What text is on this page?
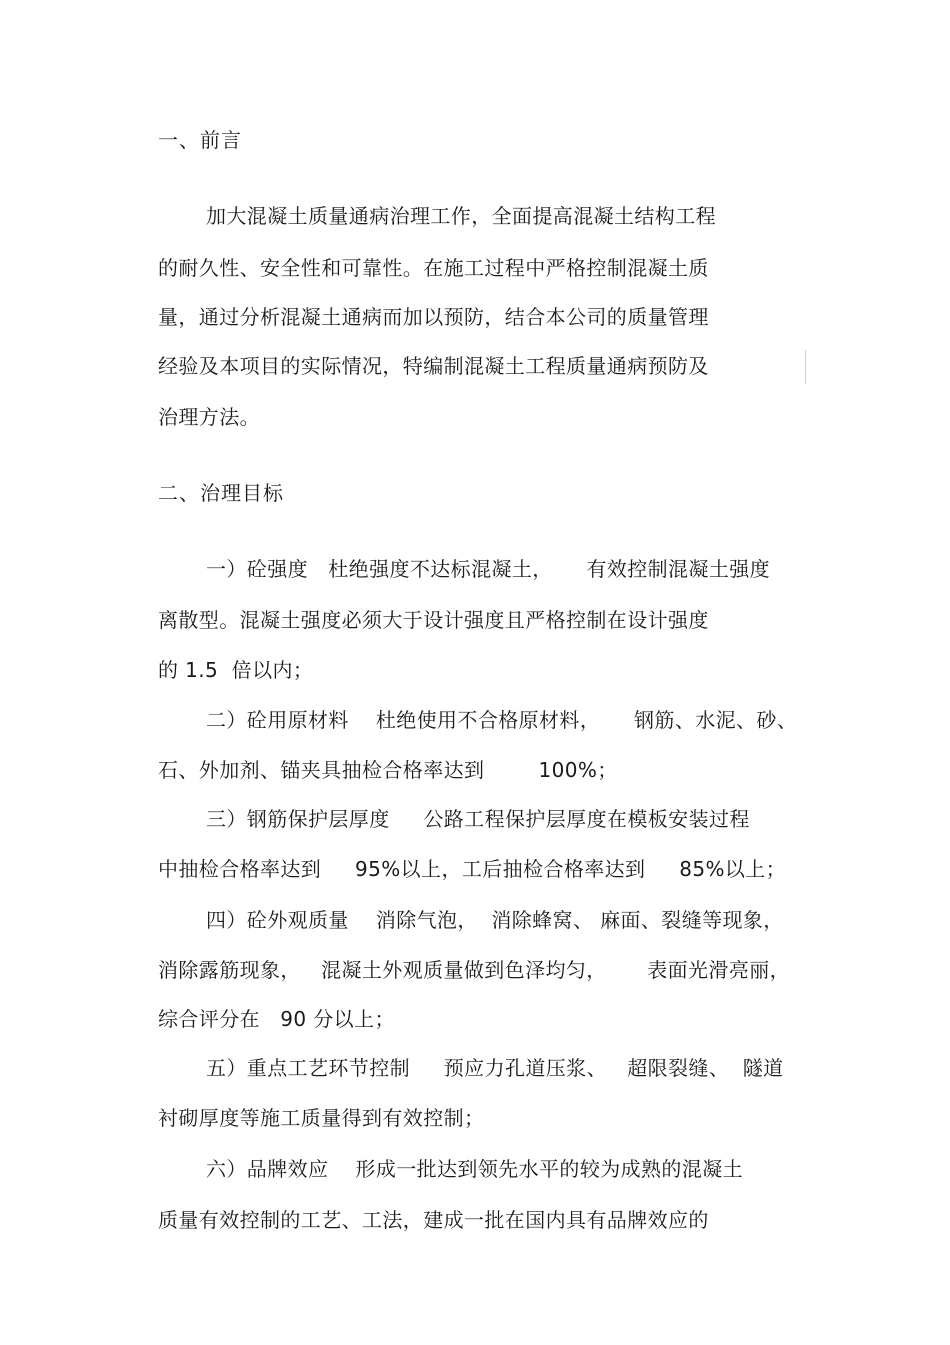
一、前言
加大混凝土质量通病治理工作，全面提高混凝土结构工程
的耐久性、安全性和可靠性。在施工过程中严格控制混凝土质
量，通过分析混凝土通病而加以预防，结合本公司的质量管理
经验及本项目的实际情况，特编制混凝土工程质量通病预防及
治理方法。
二、治理目标
一）砼强度   杜绝强度不达标混凝土，     有效控制混凝土强度
离散型。混凝土强度必须大于设计强度且严格控制在设计强度
的 1.5  倍以内；
二）砼用原材料    杜绝使用不合格原材料，     钢筋、水泥、砂、
石、外加剂、锚夹具抽检合格率达到        100%；
三）钢筋保护层厚度     公路工程保护层厚度在模板安装过程
中抽检合格率达到     95%以上，工后抽检合格率达到     85%以上；
四）砼外观质量    消除气泡，  消除蜂窝、 麻面、裂缝等现象，
消除露筋现象，   混凝土外观质量做到色泽均匀，      表面光滑亮丽，
综合评分在   90 分以上；
五）重点工艺环节控制     预应力孔道压浆、   超限裂缝、  隧道
衬砌厚度等施工质量得到有效控制；
六）品牌效应    形成一批达到领先水平的较为成熟的混凝土
质量有效控制的工艺、工法，建成一批在国内具有品牌效应的
